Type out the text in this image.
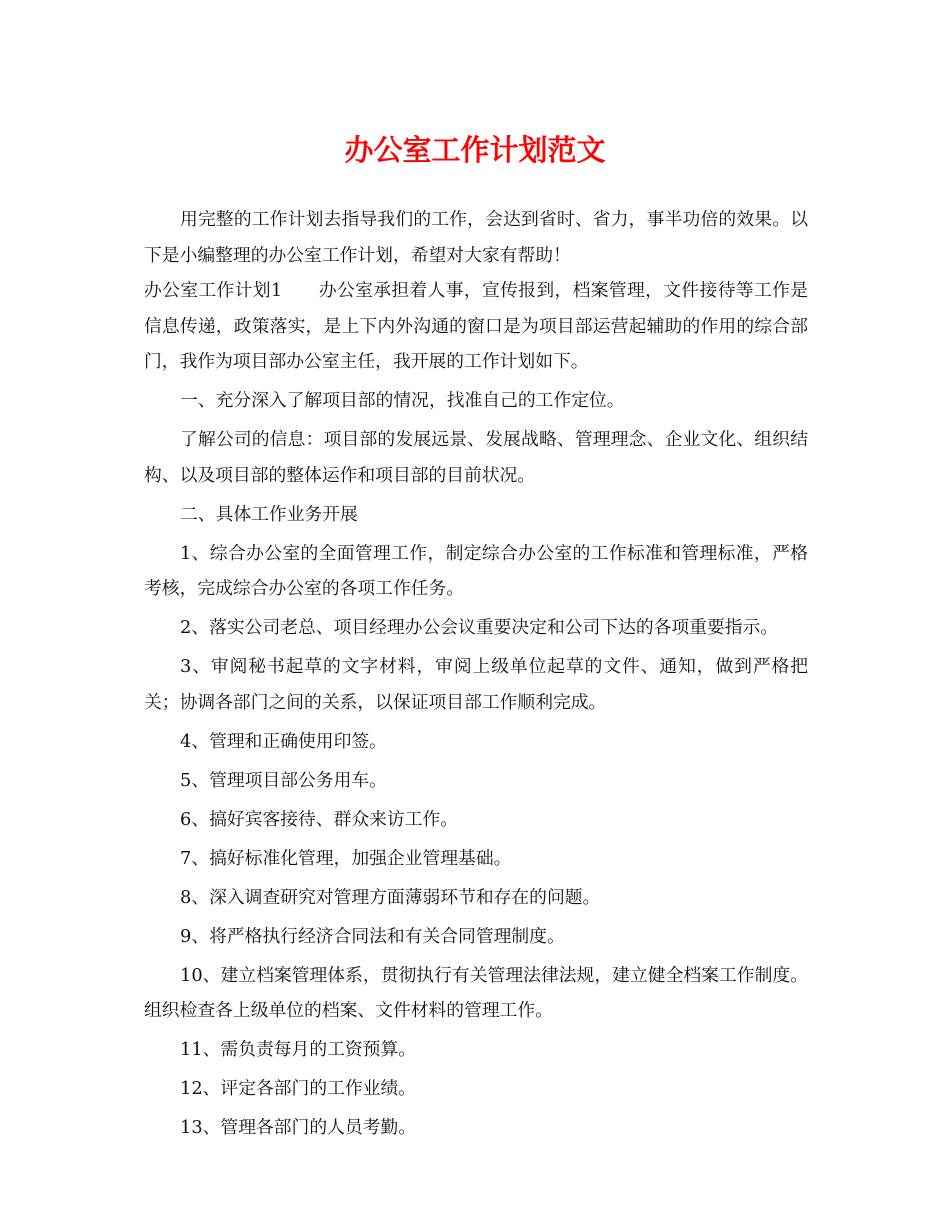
办公室工作计划范文

用完整的工作计划去指导我们的工作，会达到省时、省力，事半功倍的效果。以下是小编整理的办公室工作计划，希望对大家有帮助！

办公室工作计划1　　办公室承担着人事，宣传报到，档案管理，文件接待等工作是信息传递，政策落实，是上下内外沟通的窗口是为项目部运营起辅助的作用的综合部门，我作为项目部办公室主任，我开展的工作计划如下。

一、充分深入了解项目部的情况，找准自己的工作定位。

了解公司的信息：项目部的发展远景、发展战略、管理理念、企业文化、组织结构、以及项目部的整体运作和项目部的目前状况。

二、具体工作业务开展

1、综合办公室的全面管理工作，制定综合办公室的工作标准和管理标准，严格考核，完成综合办公室的各项工作任务。

2、落实公司老总、项目经理办公会议重要决定和公司下达的各项重要指示。

3、审阅秘书起草的文字材料，审阅上级单位起草的文件、通知，做到严格把关；协调各部门之间的关系，以保证项目部工作顺利完成。

4、管理和正确使用印签。

5、管理项目部公务用车。

6、搞好宾客接待、群众来访工作。

7、搞好标准化管理，加强企业管理基础。

8、深入调查研究对管理方面薄弱环节和存在的问题。

9、将严格执行经济合同法和有关合同管理制度。

10、建立档案管理体系，贯彻执行有关管理法律法规，建立健全档案工作制度。组织检查各上级单位的档案、文件材料的管理工作。

11、需负责每月的工资预算。

12、评定各部门的工作业绩。

13、管理各部门的人员考勤。
